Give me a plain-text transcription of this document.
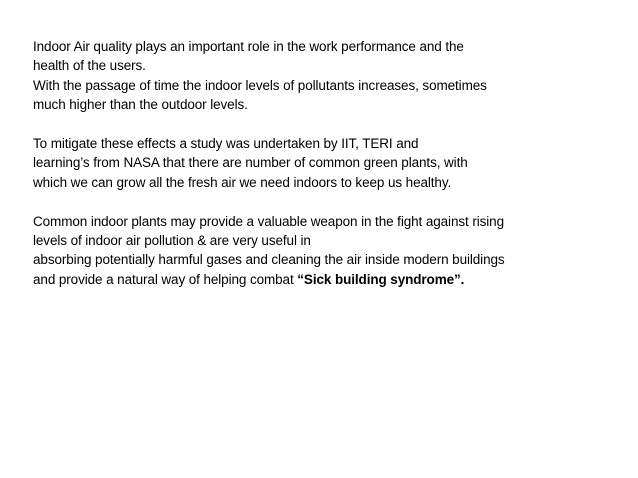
Indoor Air quality plays an important role in the work performance and the
health of the users.
With the passage of time the indoor levels of pollutants increases, sometimes
much higher than the outdoor levels.
To mitigate these effects a study was undertaken by IIT, TERI and
learning’s from NASA that there are number of common green plants, with
which we can grow all the fresh air we need indoors to keep us healthy.
Common indoor plants may provide a valuable weapon in the fight against rising
levels of indoor air pollution & are very useful in
absorbing potentially harmful gases and cleaning the air inside modern buildings
and provide a natural way of helping combat “Sick building syndrome”.
